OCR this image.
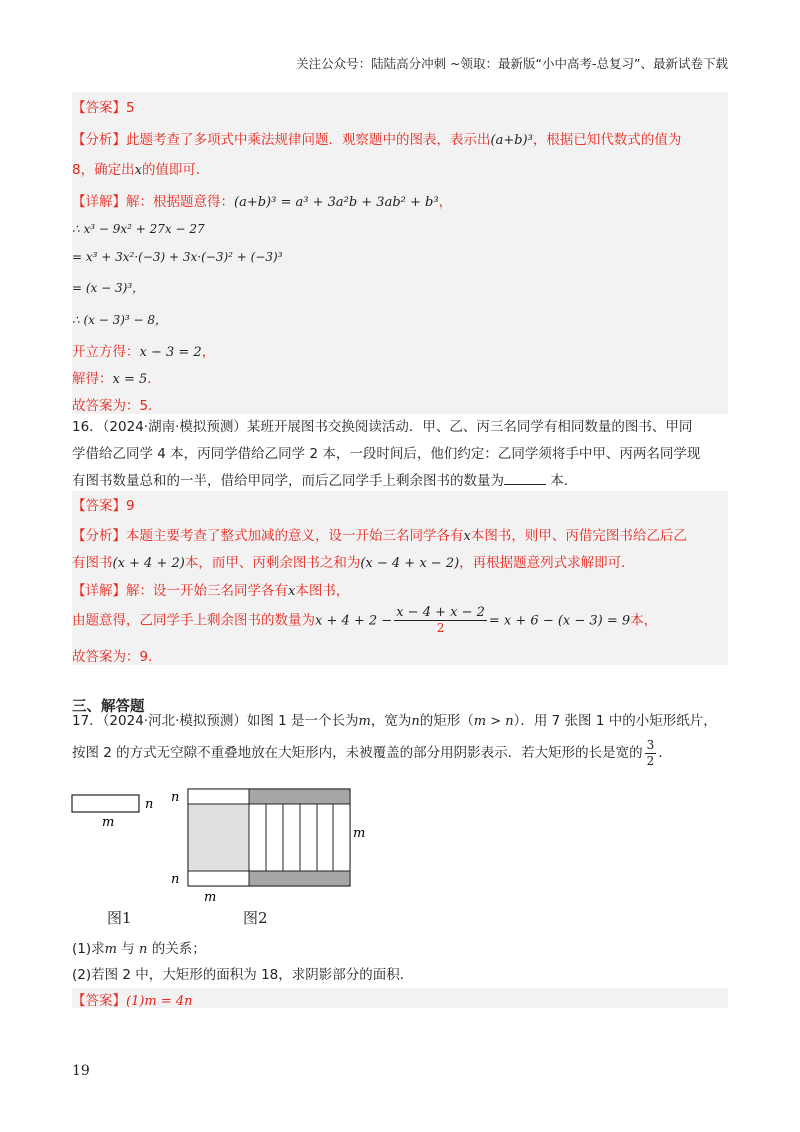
关注公众号：陆陆高分冲刺 ~领取：最新版“小中高考-总复习”、最新试卷下载
【答案】5
【分析】此题考查了多项式中乘法规律问题．观察题中的图表，表示出(a+b)³，根据已知代数式的值为
8，确定出x的值即可．
【详解】解：根据题意得：(a+b)³ = a³ + 3a²b + 3ab² + b³，
∴ x³ − 9x² + 27x − 27
= x³ + 3x²·(−3) + 3x·(−3)² + (−3)³
= (x − 3)³，
∴ (x − 3)³ − 8，
开立方得：x − 3 = 2，
解得：x = 5．
故答案为：5．

16．（2024·湖南·模拟预测）某班开展图书交换阅读活动．甲、乙、丙三名同学有相同数量的图书、甲同

学借给乙同学 4 本，丙同学借给乙同学 2 本，一段时间后，他们约定：乙同学须将手中甲、丙两名同学现

有图书数量总和的一半，借给甲同学，而后乙同学手上剩余图书的数量为	本．

【答案】9
【分析】本题主要考查了整式加减的意义，设一开始三名同学各有x本图书，则甲、丙借完图书给乙后乙
有图书(x + 4 + 2)本，而甲、丙剩余图书之和为(x − 4 + x − 2)，再根据题意列式求解即可．
【详解】解：设一开始三名同学各有x本图书，
由题意得，乙同学手上剩余图书的数量为$x + 4 + 2 - \frac{x - 4 + x - 2}{2} = x + 6 - (x - 3) = 9$本，
故答案为：9．
三、解答题

17．（2024·河北·模拟预测）如图 1 是一个长为m，宽为n的矩形（m > n）．用 7 张图 1 中的小矩形纸片，

按图 2 的方式无空隙不重叠地放在大矩形内，未被覆盖的部分用阴影表示．若大矩形的长是宽的 $\frac{3}{2}$ ．

n
m
n
n
m
m
图1	图2
(1)求m 与 n 的关系；
(2)若图 2 中，大矩形的面积为 18，求阴影部分的面积．
【答案】(1)m = 4n
19
